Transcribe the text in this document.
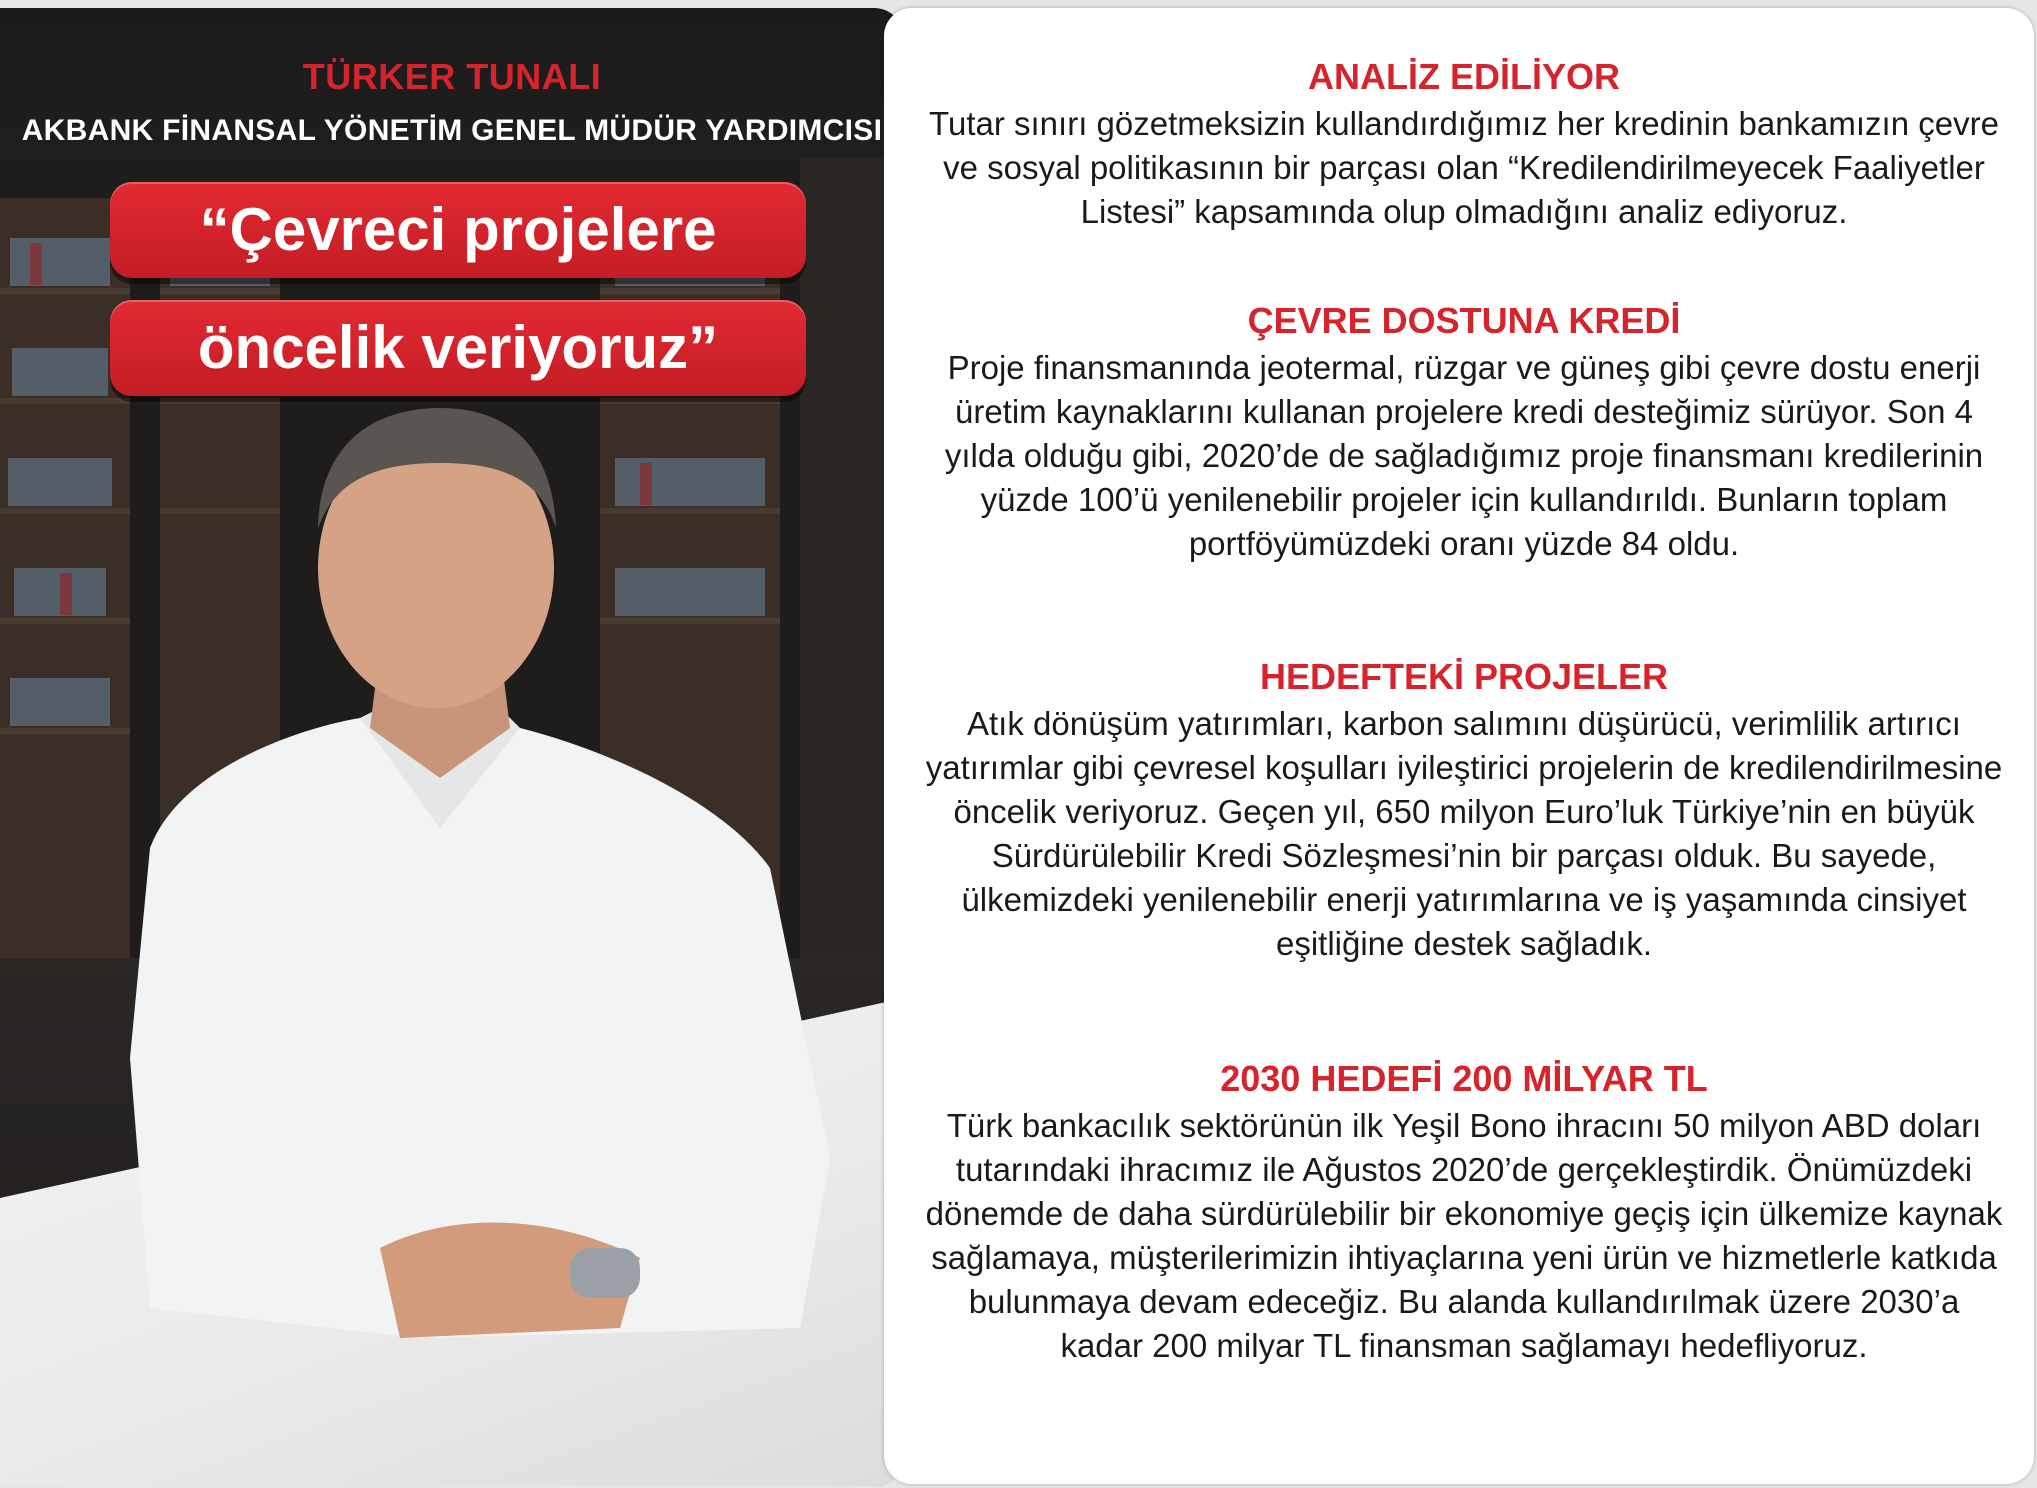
TÜRKER TUNALI
AKBANK FİNANSAL YÖNETİM GENEL MÜDÜR YARDIMCISI
“Çevreci projelere
öncelik veriyoruz”
ANALİZ EDİLİYOR

Tutar sınırı gözetmeksizin kullandırdığımız her kredinin bankamızın çevre ve sosyal politikasının bir parçası olan “Kredilendirilmeyecek Faaliyetler Listesi” kapsamında olup olmadığını analiz ediyoruz.

ÇEVRE DOSTUNA KREDİ

Proje finansmanında jeotermal, rüzgar ve güneş gibi çevre dostu enerji üretim kaynaklarını kullanan projelere kredi desteğimiz sürüyor. Son 4 yılda olduğu gibi, 2020’de de sağladığımız proje finansmanı kredilerinin yüzde 100’ü yenilenebilir projeler için kullandırıldı. Bunların toplam portföyümüzdeki oranı yüzde 84 oldu.

HEDEFTEKİ PROJELER

Atık dönüşüm yatırımları, karbon salımını düşürücü, verimlilik artırıcı yatırımlar gibi çevresel koşulları iyileştirici projelerin de kredilendirilmesine öncelik veriyoruz. Geçen yıl, 650 milyon Euro’luk Türkiye’nin en büyük Sürdürülebilir Kredi Sözleşmesi’nin bir parçası olduk. Bu sayede, ülkemizdeki yenilenebilir enerji yatırımlarına ve iş yaşamında cinsiyet eşitliğine destek sağladık.

2030 HEDEFİ 200 MİLYAR TL

Türk bankacılık sektörünün ilk Yeşil Bono ihracını 50 milyon ABD doları tutarındaki ihracımız ile Ağustos 2020’de gerçekleştirdik. Önümüzdeki dönemde de daha sürdürülebilir bir ekonomiye geçiş için ülkemize kaynak sağlamaya, müşterilerimizin ihtiyaçlarına yeni ürün ve hizmetlerle katkıda bulunmaya devam edeceğiz. Bu alanda kullandırılmak üzere 2030’a kadar 200 milyar TL finansman sağlamayı hedefliyoruz.
